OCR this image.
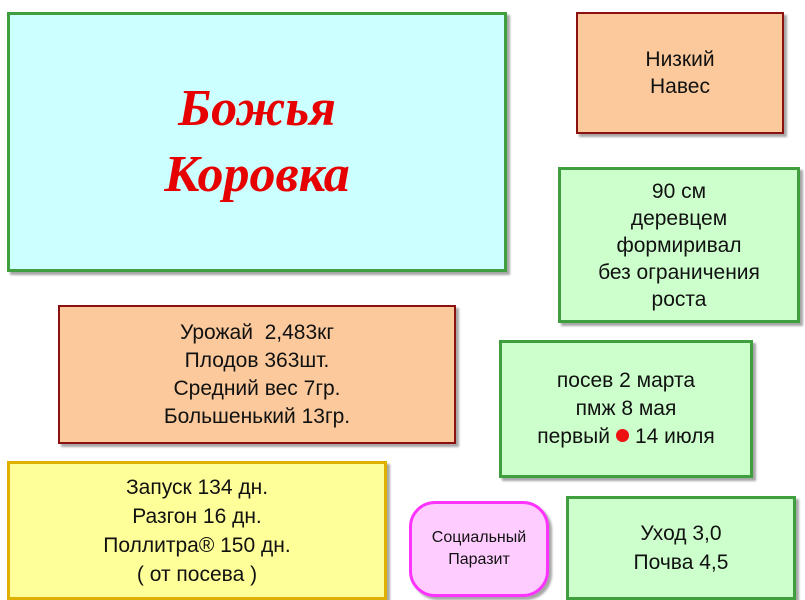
Божья
Коровка
Низкий
Навес
90 см
деревцем
формиривал
без ограничения
роста
Урожай  2,483кг
Плодов 363шт.
Средний вес 7гр.
Большенький 13гр.
посев 2 марта
пмж 8 мая
первый 14 июля
Запуск 134 дн.
Разгон 16 дн.
Поллитра® 150 дн.
( от посева )
Социальный
Паразит
Уход 3,0
Почва 4,5
